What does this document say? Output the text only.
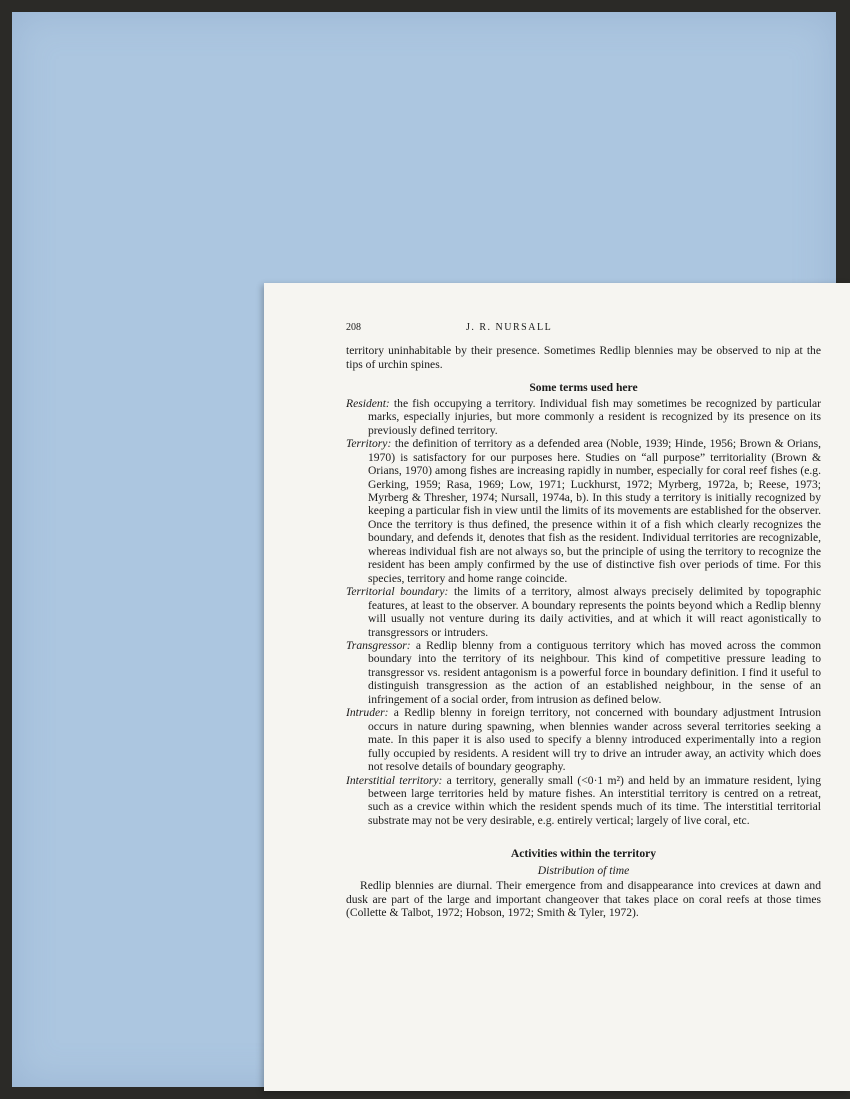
208	J. R. NURSALL

territory uninhabitable by their presence. Sometimes Redlip blennies may be observed to nip at the tips of urchin spines.

Some terms used here

Resident: the fish occupying a territory. Individual fish may sometimes be recognized by particular marks, especially injuries, but more commonly a resident is recognized by its presence on its previously defined territory.

Territory: the definition of territory as a defended area (Noble, 1939; Hinde, 1956; Brown & Orians, 1970) is satisfactory for our purposes here. Studies on “all purpose” territoriality (Brown & Orians, 1970) among fishes are increasing rapidly in number, especially for coral reef fishes (e.g. Gerking, 1959; Rasa, 1969; Low, 1971; Luckhurst, 1972; Myrberg, 1972a, b; Reese, 1973; Myrberg & Thresher, 1974; Nursall, 1974a, b). In this study a territory is initially recognized by keeping a particular fish in view until the limits of its movements are established for the observer. Once the territory is thus defined, the presence within it of a fish which clearly recognizes the boundary, and defends it, denotes that fish as the resident. Individual territories are recognizable, whereas individual fish are not always so, but the principle of using the territory to recognize the resident has been amply confirmed by the use of distinctive fish over periods of time. For this species, territory and home range coincide.

Territorial boundary: the limits of a territory, almost always precisely delimited by topographic features, at least to the observer. A boundary represents the points beyond which a Redlip blenny will usually not venture during its daily activities, and at which it will react agonistically to transgressors or intruders.

Transgressor: a Redlip blenny from a contiguous territory which has moved across the common boundary into the territory of its neighbour. This kind of competitive pressure leading to transgressor vs. resident antagonism is a powerful force in boundary definition. I find it useful to distinguish transgression as the action of an established neighbour, in the sense of an infringement of a social order, from intrusion as defined below.

Intruder: a Redlip blenny in foreign territory, not concerned with boundary adjustment Intrusion occurs in nature during spawning, when blennies wander across several territories seeking a mate. In this paper it is also used to specify a blenny introduced experimentally into a region fully occupied by residents. A resident will try to drive an intruder away, an activity which does not resolve details of boundary geography.

Interstitial territory: a territory, generally small (<0·1 m²) and held by an immature resident, lying between large territories held by mature fishes. An interstitial territory is centred on a retreat, such as a crevice within which the resident spends much of its time. The interstitial territorial substrate may not be very desirable, e.g. entirely vertical; largely of live coral, etc.

Activities within the territory
Distribution of time

Redlip blennies are diurnal. Their emergence from and disappearance into crevices at dawn and dusk are part of the large and important changeover that takes place on coral reefs at those times (Collette & Talbot, 1972; Hobson, 1972; Smith & Tyler, 1972).
